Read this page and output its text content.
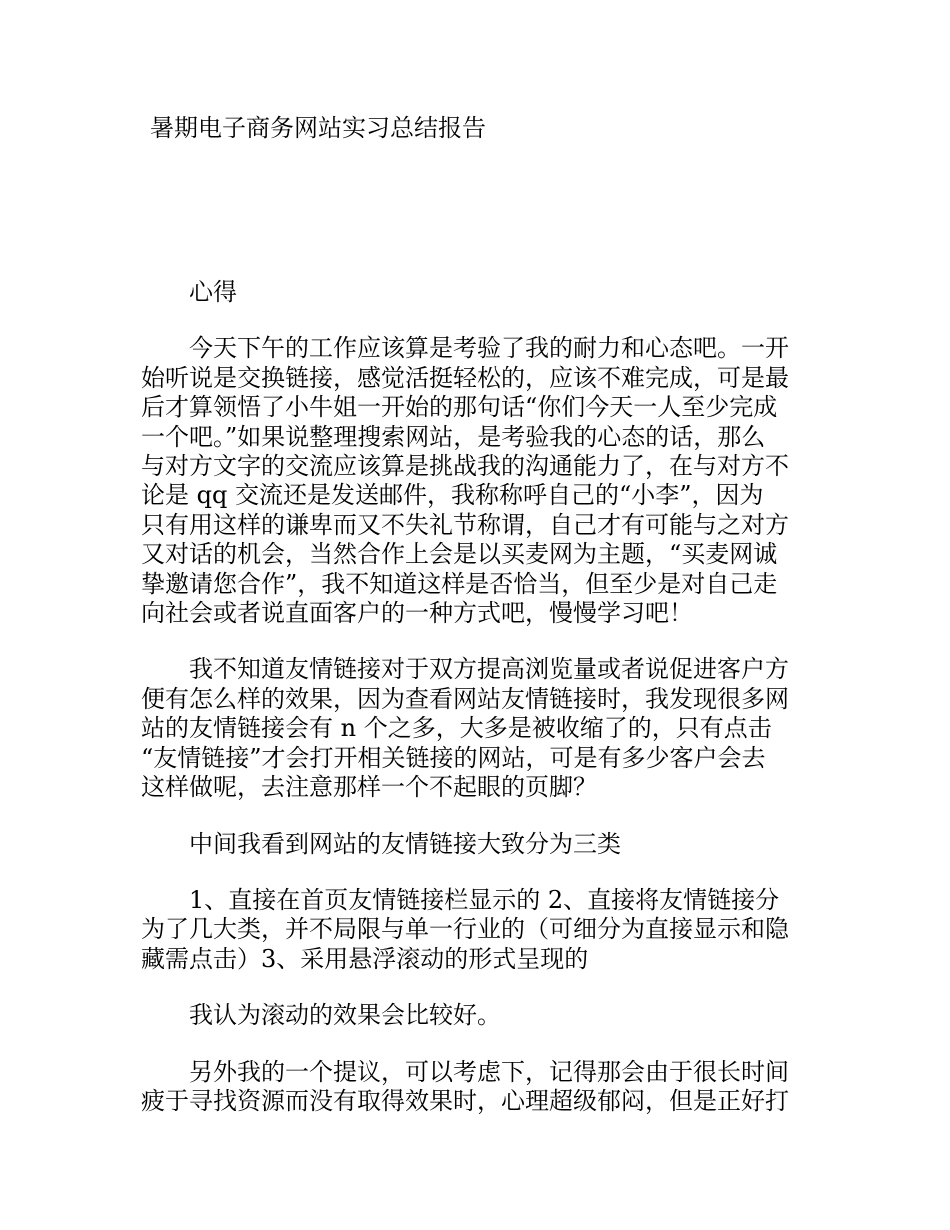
暑期电子商务网站实习总结报告
心得
今天下午的工作应该算是考验了我的耐力和心态吧。一开
始听说是交换链接，感觉活挺轻松的，应该不难完成，可是最
后才算领悟了小牛姐一开始的那句话“你们今天一人至少完成
一个吧。”如果说整理搜索网站，是考验我的心态的话，那么
与对方文字的交流应该算是挑战我的沟通能力了，在与对方不
论是 qq 交流还是发送邮件，我称称呼自己的“小李”，因为
只有用这样的谦卑而又不失礼节称谓，自己才有可能与之对方
又对话的机会，当然合作上会是以买麦网为主题，“买麦网诚
挚邀请您合作”，我不知道这样是否恰当，但至少是对自己走
向社会或者说直面客户的一种方式吧，慢慢学习吧！
我不知道友情链接对于双方提高浏览量或者说促进客户方
便有怎么样的效果，因为查看网站友情链接时，我发现很多网
站的友情链接会有 n 个之多，大多是被收缩了的，只有点击
“友情链接”才会打开相关链接的网站，可是有多少客户会去
这样做呢，去注意那样一个不起眼的页脚？
中间我看到网站的友情链接大致分为三类
1、直接在首页友情链接栏显示的 2、直接将友情链接分
为了几大类，并不局限与单一行业的（可细分为直接显示和隐
藏需点击）3、采用悬浮滚动的形式呈现的
我认为滚动的效果会比较好。
另外我的一个提议，可以考虑下，记得那会由于很长时间
疲于寻找资源而没有取得效果时，心理超级郁闷，但是正好打
